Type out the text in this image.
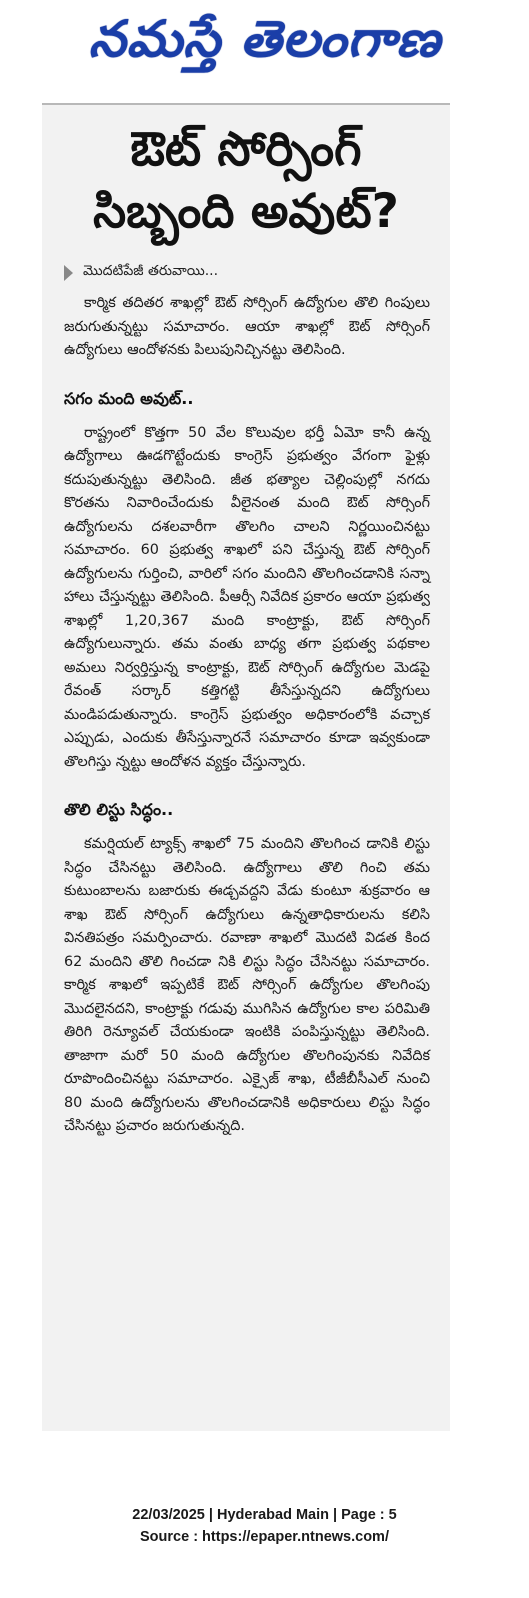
నమస్తే తెలంగాణ
ఔట్ సోర్సింగ్
సిబ్బంది అవుట్?
మొదటిపేజీ తరువాయి...

కార్మిక తదితర శాఖల్లో ఔట్ సోర్సింగ్ ఉద్యోగుల తొలి గింపులు జరుగుతున్నట్టు సమాచారం. ఆయా శాఖల్లో ఔట్ సోర్సింగ్ ఉద్యోగులు ఆందోళనకు పిలుపునిచ్చినట్టు తెలిసింది.

సగం మంది అవుట్..

రాష్ట్రంలో కొత్తగా 50 వేల కొలువుల భర్తీ ఏమో కానీ ఉన్న ఉద్యోగాలు ఊడగొట్టేందుకు కాంగ్రెస్ ప్రభుత్వం వేగంగా ఫైళ్లు కదుపుతున్నట్టు తెలిసింది. జీత భత్యాల చెల్లింపుల్లో నగదు కొరతను నివారించేందుకు వీలైనంత మంది ఔట్ సోర్సింగ్ ఉద్యోగులను దశలవారీగా తొలగిం చాలని నిర్ణయించినట్టు సమాచారం. 60 ప్రభుత్వ శాఖలో పని చేస్తున్న ఔట్ సోర్సింగ్ ఉద్యోగులను గుర్తించి, వారిలో సగం మందిని తొలగించడానికి సన్నా హాలు చేస్తున్నట్టు తెలిసింది. పీఆర్సీ నివేదిక ప్రకారం ఆయా ప్రభుత్వ శాఖల్లో 1,20,367 మంది కాంట్రాక్టు, ఔట్ సోర్సింగ్ ఉద్యోగులున్నారు. తమ వంతు బాధ్య తగా ప్రభుత్వ పథకాల అమలు నిర్వర్తిస్తున్న కాంట్రాక్టు, ఔట్ సోర్సింగ్ ఉద్యోగుల మెడపై రేవంత్ సర్కార్ కత్తిగట్టి తీసేస్తున్నదని ఉద్యోగులు మండిపడుతున్నారు. కాంగ్రెస్ ప్రభుత్వం అధికారంలోకి వచ్చాక ఎప్పుడు, ఎందుకు తీసేస్తున్నారనే సమాచారం కూడా ఇవ్వకుండా తొలగిస్తు న్నట్టు ఆందోళన వ్యక్తం చేస్తున్నారు.

తొలి లిస్టు సిద్ధం..

కమర్షియల్ ట్యాక్స్ శాఖలో 75 మందిని తొలగించ డానికి లిస్టు సిద్ధం చేసినట్టు తెలిసింది. ఉద్యోగాలు తొలి గించి తమ కుటుంబాలను బజారుకు ఈడ్చవద్దని వేడు కుంటూ శుక్రవారం ఆ శాఖ ఔట్ సోర్సింగ్ ఉద్యోగులు ఉన్నతాధికారులను కలిసి వినతిపత్రం సమర్పించారు. రవాణా శాఖలో మొదటి విడత కింద 62 మందిని తొలి గించడా నికి లిస్టు సిద్ధం చేసినట్టు సమాచారం. కార్మిక శాఖలో ఇప్పటికే ఔట్ సోర్సింగ్ ఉద్యోగుల తొలగింపు మొదలైనదని, కాంట్రాక్టు గడువు ముగిసిన ఉద్యోగుల కాల పరిమితి తిరిగి రెన్యూవల్ చేయకుండా ఇంటికి పంపిస్తున్నట్టు తెలిసింది. తాజాగా మరో 50 మంది ఉద్యోగుల తొలగింపునకు నివేదిక రూపొందించినట్టు సమాచారం. ఎక్సైజ్ శాఖ, టీజీబీసీఎల్ నుంచి 80 మంది ఉద్యోగులను తొలగించడానికి అధికారులు లిస్టు సిద్ధం చేసినట్టు ప్రచారం జరుగుతున్నది.

22/03/2025 | Hyderabad Main | Page : 5
Source : https://epaper.ntnews.com/
